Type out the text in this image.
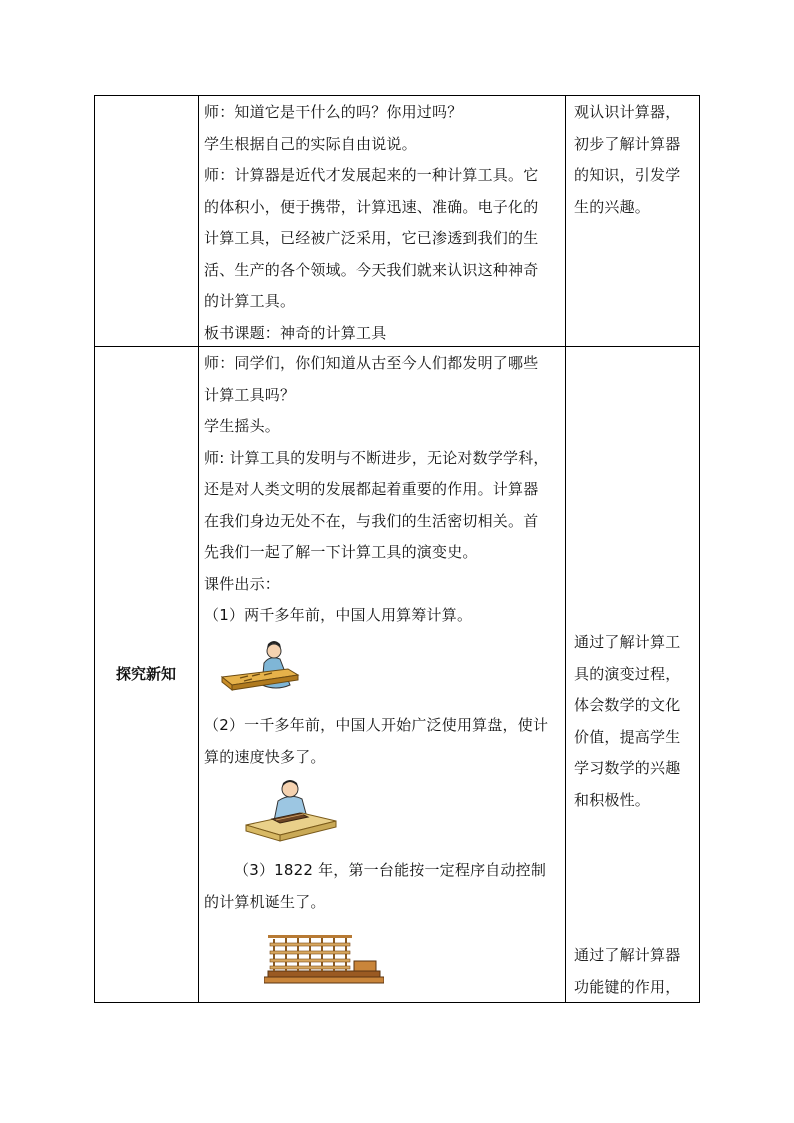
师：知道它是干什么的吗？你用过吗？

学生根据自己的实际自由说说。

师：计算器是近代才发展起来的一种计算工具。它

的体积小，便于携带，计算迅速、准确。电子化的

计算工具，已经被广泛采用，它已渗透到我们的生

活、生产的各个领域。今天我们就来认识这种神奇

的计算工具。

板书课题：神奇的计算工具

观认识计算器，

初步了解计算器

的知识，引发学

生的兴趣。

探究新知

师：同学们，你们知道从古至今人们都发明了哪些

计算工具吗？

学生摇头。

师: 计算工具的发明与不断进步，无论对数学学科，

还是对人类文明的发展都起着重要的作用。计算器

在我们身边无处不在，与我们的生活密切相关。首

先我们一起了解一下计算工具的演变史。

课件出示：

（1）两千多年前，中国人用算筹计算。

（2）一千多年前，中国人开始广泛使用算盘，使计

算的速度快多了。

（3）1822 年，第一台能按一定程序自动控制

的计算机诞生了。

通过了解计算工

具的演变过程，

体会数学的文化

价值，提高学生

学习数学的兴趣

和积极性。

通过了解计算器

功能键的作用，
